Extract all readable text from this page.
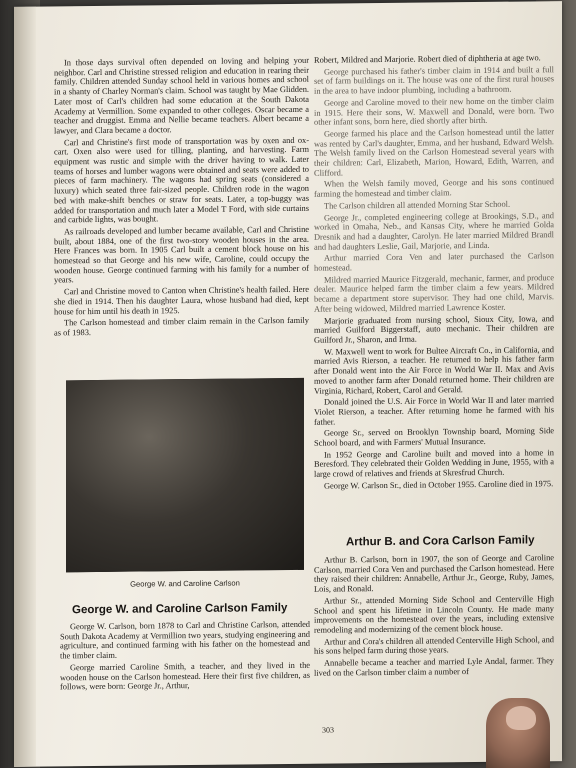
In those days survival often depended on loving and helping your neighbor. Carl and Christine stressed religion and education in rearing their family. Children attended Sunday school held in various homes and school in a shanty of Charley Norman's claim. School was taught by Mae Glidden. Later most of Carl's children had some education at the South Dakota Academy at Vermillion. Some expanded to other colleges. Oscar became a teacher and druggist. Emma and Nellie became teachers. Albert became a lawyer, and Clara became a doctor.

Carl and Christine's first mode of transportation was by oxen and ox-cart. Oxen also were used for tilling, planting, and harvesting. Farm equipment was rustic and simple with the driver having to walk. Later teams of horses and lumber wagons were obtained and seats were added to pieces of farm machinery. The wagons had spring seats (considered a luxury) which seated three fair-sized people. Children rode in the wagon bed with make-shift benches or straw for seats. Later, a top-buggy was added for transportation and much later a Model T Ford, with side curtains and carbide lights, was bought.

As railroads developed and lumber became available, Carl and Christine built, about 1884, one of the first two-story wooden houses in the area. Here Frances was born. In 1905 Carl built a cement block house on his homestead so that George and his new wife, Caroline, could occupy the wooden house. George continued farming with his family for a number of years.

Carl and Christine moved to Canton when Christine's health failed. Here she died in 1914. Then his daughter Laura, whose husband had died, kept house for him until his death in 1925.

The Carlson homestead and timber claim remain in the Carlson family as of 1983.

Robert, Mildred and Marjorie. Robert died of diphtheria at age two.

George purchased his father's timber claim in 1914 and built a full set of farm buildings on it. The house was one of the first rural houses in the area to have indoor plumbing, including a bathroom.

George and Caroline moved to their new home on the timber claim in 1915. Here their sons, W. Maxwell and Donald, were born. Two other infant sons, born here, died shortly after birth.

George farmed his place and the Carlson homestead until the latter was rented by Carl's daughter, Emma, and her husband, Edward Welsh. The Welsh family lived on the Carlson Homestead several years with their children: Carl, Elizabeth, Marion, Howard, Edith, Warren, and Clifford.

When the Welsh family moved, George and his sons continued farming the homestead and timber claim.

The Carlson children all attended Morning Star School.

George Jr., completed engineering college at Brookings, S.D., and worked in Omaha, Neb., and Kansas City, where he married Golda Dresnik and had a daughter, Carolyn. He later married Mildred Brandl and had daughters Leslie, Gail, Marjorie, and Linda.

Arthur married Cora Ven and later purchased the Carlson homestead.

Mildred married Maurice Fitzgerald, mechanic, farmer, and produce dealer. Maurice helped farm the timber claim a few years. Mildred became a department store supervisor. They had one child, Marvis. After being widowed, Mildred married Lawrence Koster.

Marjorie graduated from nursing school, Sioux City, Iowa, and married Guilford Biggerstaff, auto mechanic. Their children are Guilford Jr., Sharon, and Irma.

W. Maxwell went to work for Bultee Aircraft Co., in California, and married Avis Rierson, a teacher. He returned to help his father farm after Donald went into the Air Force in World War II. Max and Avis moved to another farm after Donald returned home. Their children are Virginia, Richard, Robert, Carol and Gerald.

Donald joined the U.S. Air Force in World War II and later married Violet Rierson, a teacher. After returning home he farmed with his father.

George Sr., served on Brooklyn Township board, Morning Side School board, and with Farmers' Mutual Insurance.

In 1952 George and Caroline built and moved into a home in Beresford. They celebrated their Golden Wedding in June, 1955, with a large crowd of relatives and friends at Skresfrud Church.

George W. Carlson Sr., died in October 1955. Caroline died in 1975.

George W. and Caroline Carlson
George W. and Caroline Carlson Family

George W. Carlson, born 1878 to Carl and Christine Carlson, attended South Dakota Academy at Vermillion two years, studying engineering and agriculture, and continued farming with his father on the homestead and the timber claim.

George married Caroline Smith, a teacher, and they lived in the wooden house on the Carlson homestead. Here their first five children, as follows, were born: George Jr., Arthur,

Arthur B. and Cora Carlson Family

Arthur B. Carlson, born in 1907, the son of George and Caroline Carlson, married Cora Ven and purchased the Carlson homestead. Here they raised their children: Annabelle, Arthur Jr., George, Ruby, James, Lois, and Ronald.

Arthur Sr., attended Morning Side School and Centerville High School and spent his lifetime in Lincoln County. He made many improvements on the homestead over the years, including extensive remodeling and modernizing of the cement block house.

Arthur and Cora's children all attended Centerville High School, and his sons helped farm during those years.

Annabelle became a teacher and married Lyle Andal, farmer. They lived on the Carlson timber claim a number of

303
